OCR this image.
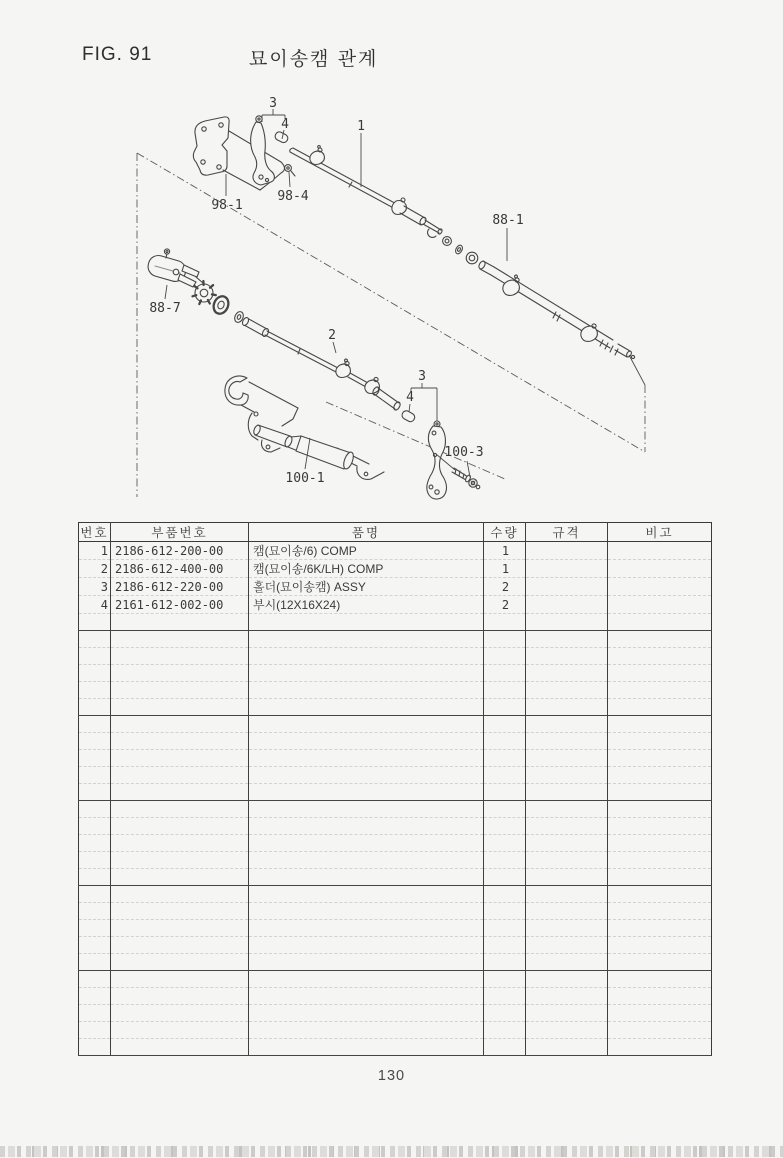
FIG. 91	묘이송캠 관계
3
4	1
98-1
98-4
88-1
88-7
2
3
4
100-1
100-3
번호	부품번호	품명	수량	규격	비고
1	2186-612-200-00	캠(묘이송/6) COMP	1		
2	2186-612-400-00	캠(묘이송/6K/LH) COMP	1		
3	2186-612-220-00	홀더(묘이송캠) ASSY	2		
4	2161-612-002-00	부시(12X16X24)	2		

130
